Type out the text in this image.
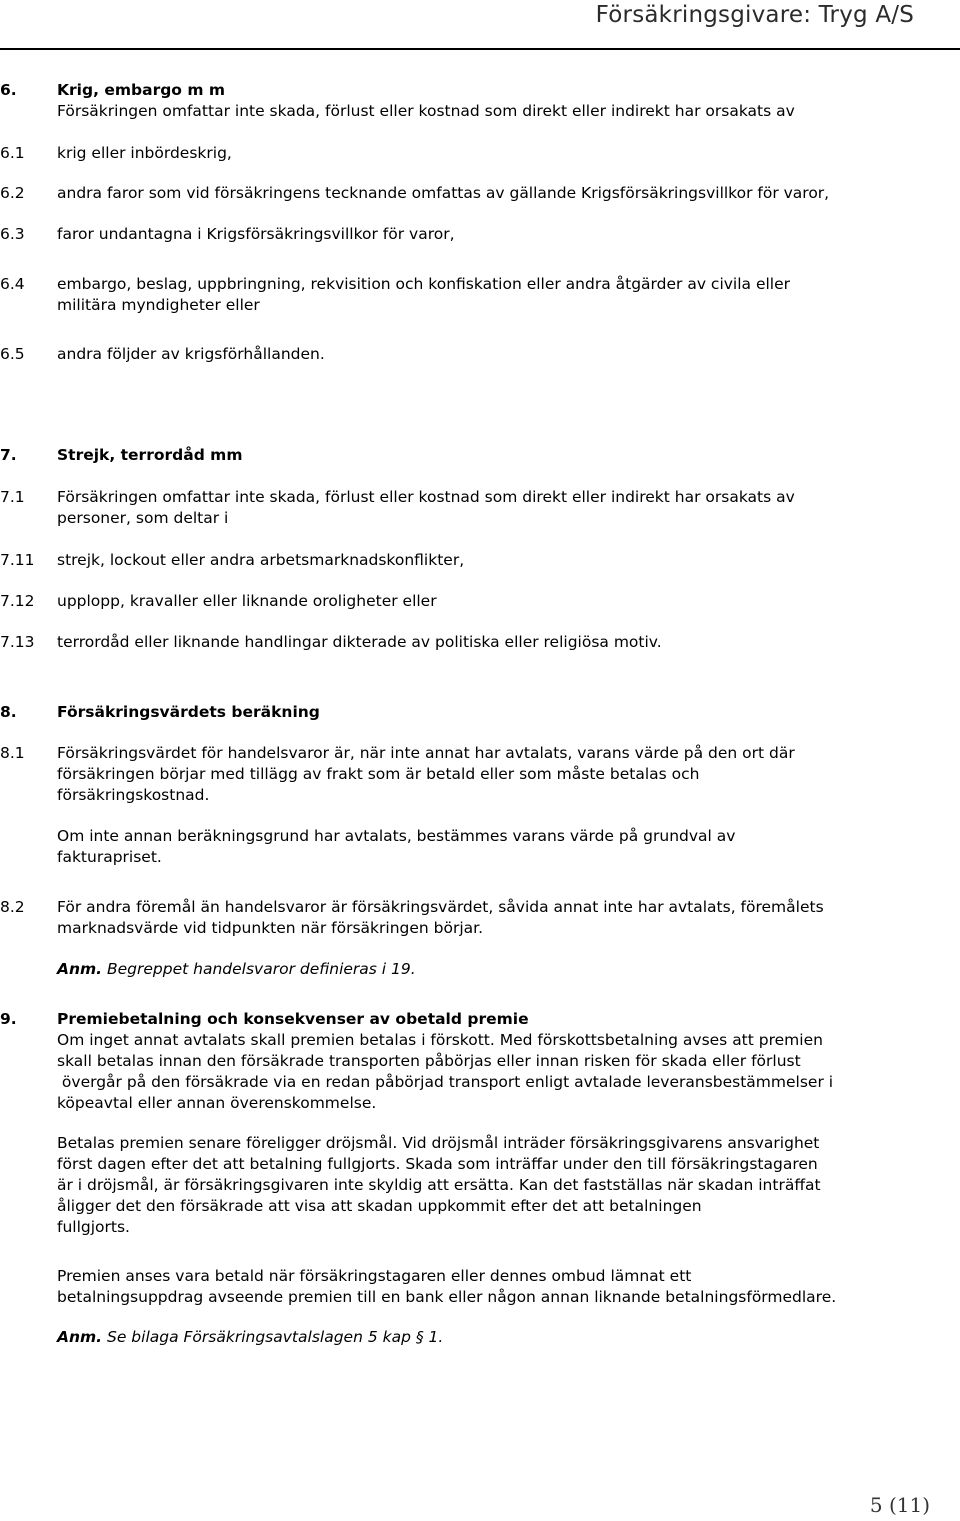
Försäkringsgivare: Tryg A/S
6.	Krig, embargo m m
Försäkringen omfattar inte skada, förlust eller kostnad som direkt eller indirekt har orsakats av
6.1 krig eller inbördeskrig,
6.2 andra faror som vid försäkringens tecknande omfattas av gällande Krigsförsäkringsvillkor för varor,
6.3 faror undantagna i Krigsförsäkringsvillkor för varor,
6.4 embargo, beslag, uppbringning, rekvisition och konfiskation eller andra åtgärder av civila eller
militära myndigheter eller
6.5 andra följder av krigsförhållanden.
7.	Strejk, terrordåd mm
7.1 Försäkringen omfattar inte skada, förlust eller kostnad som direkt eller indirekt har orsakats av
personer, som deltar i
7.11 strejk, lockout eller andra arbetsmarknadskonflikter,
7.12 upplopp, kravaller eller liknande oroligheter eller
7.13 terrordåd eller liknande handlingar dikterade av politiska eller religiösa motiv.
8.	Försäkringsvärdets beräkning
8.1 Försäkringsvärdet för handelsvaror är, när inte annat har avtalats, varans värde på den ort där
försäkringen börjar med tillägg av frakt som är betald eller som måste betalas och
försäkringskostnad.
Om inte annan beräkningsgrund har avtalats, bestämmes varans värde på grundval av
fakturapriset.
8.2 För andra föremål än handelsvaror är försäkringsvärdet, såvida annat inte har avtalats, föremålets
marknadsvärde vid tidpunkten när försäkringen börjar.
Anm. Begreppet handelsvaror definieras i 19.
9.	Premiebetalning och konsekvenser av obetald premie
Om inget annat avtalats skall premien betalas i förskott. Med förskottsbetalning avses att premien
skall betalas innan den försäkrade transporten påbörjas eller innan risken för skada eller förlust
övergår på den försäkrade via en redan påbörjad transport enligt avtalade leveransbestämmelser i
köpeavtal eller annan överenskommelse.
Betalas premien senare föreligger dröjsmål. Vid dröjsmål inträder försäkringsgivarens ansvarighet
först dagen efter det att betalning fullgjorts. Skada som inträffar under den till försäkringstagaren
är i dröjsmål, är försäkringsgivaren inte skyldig att ersätta. Kan det fastställas när skadan inträffat
åligger det den försäkrade att visa att skadan uppkommit efter det att betalningen
fullgjorts.
Premien anses vara betald när försäkringstagaren eller dennes ombud lämnat ett
betalningsuppdrag avseende premien till en bank eller någon annan liknande betalningsförmedlare.
Anm. Se bilaga Försäkringsavtalslagen 5 kap § 1.
5 (11)
